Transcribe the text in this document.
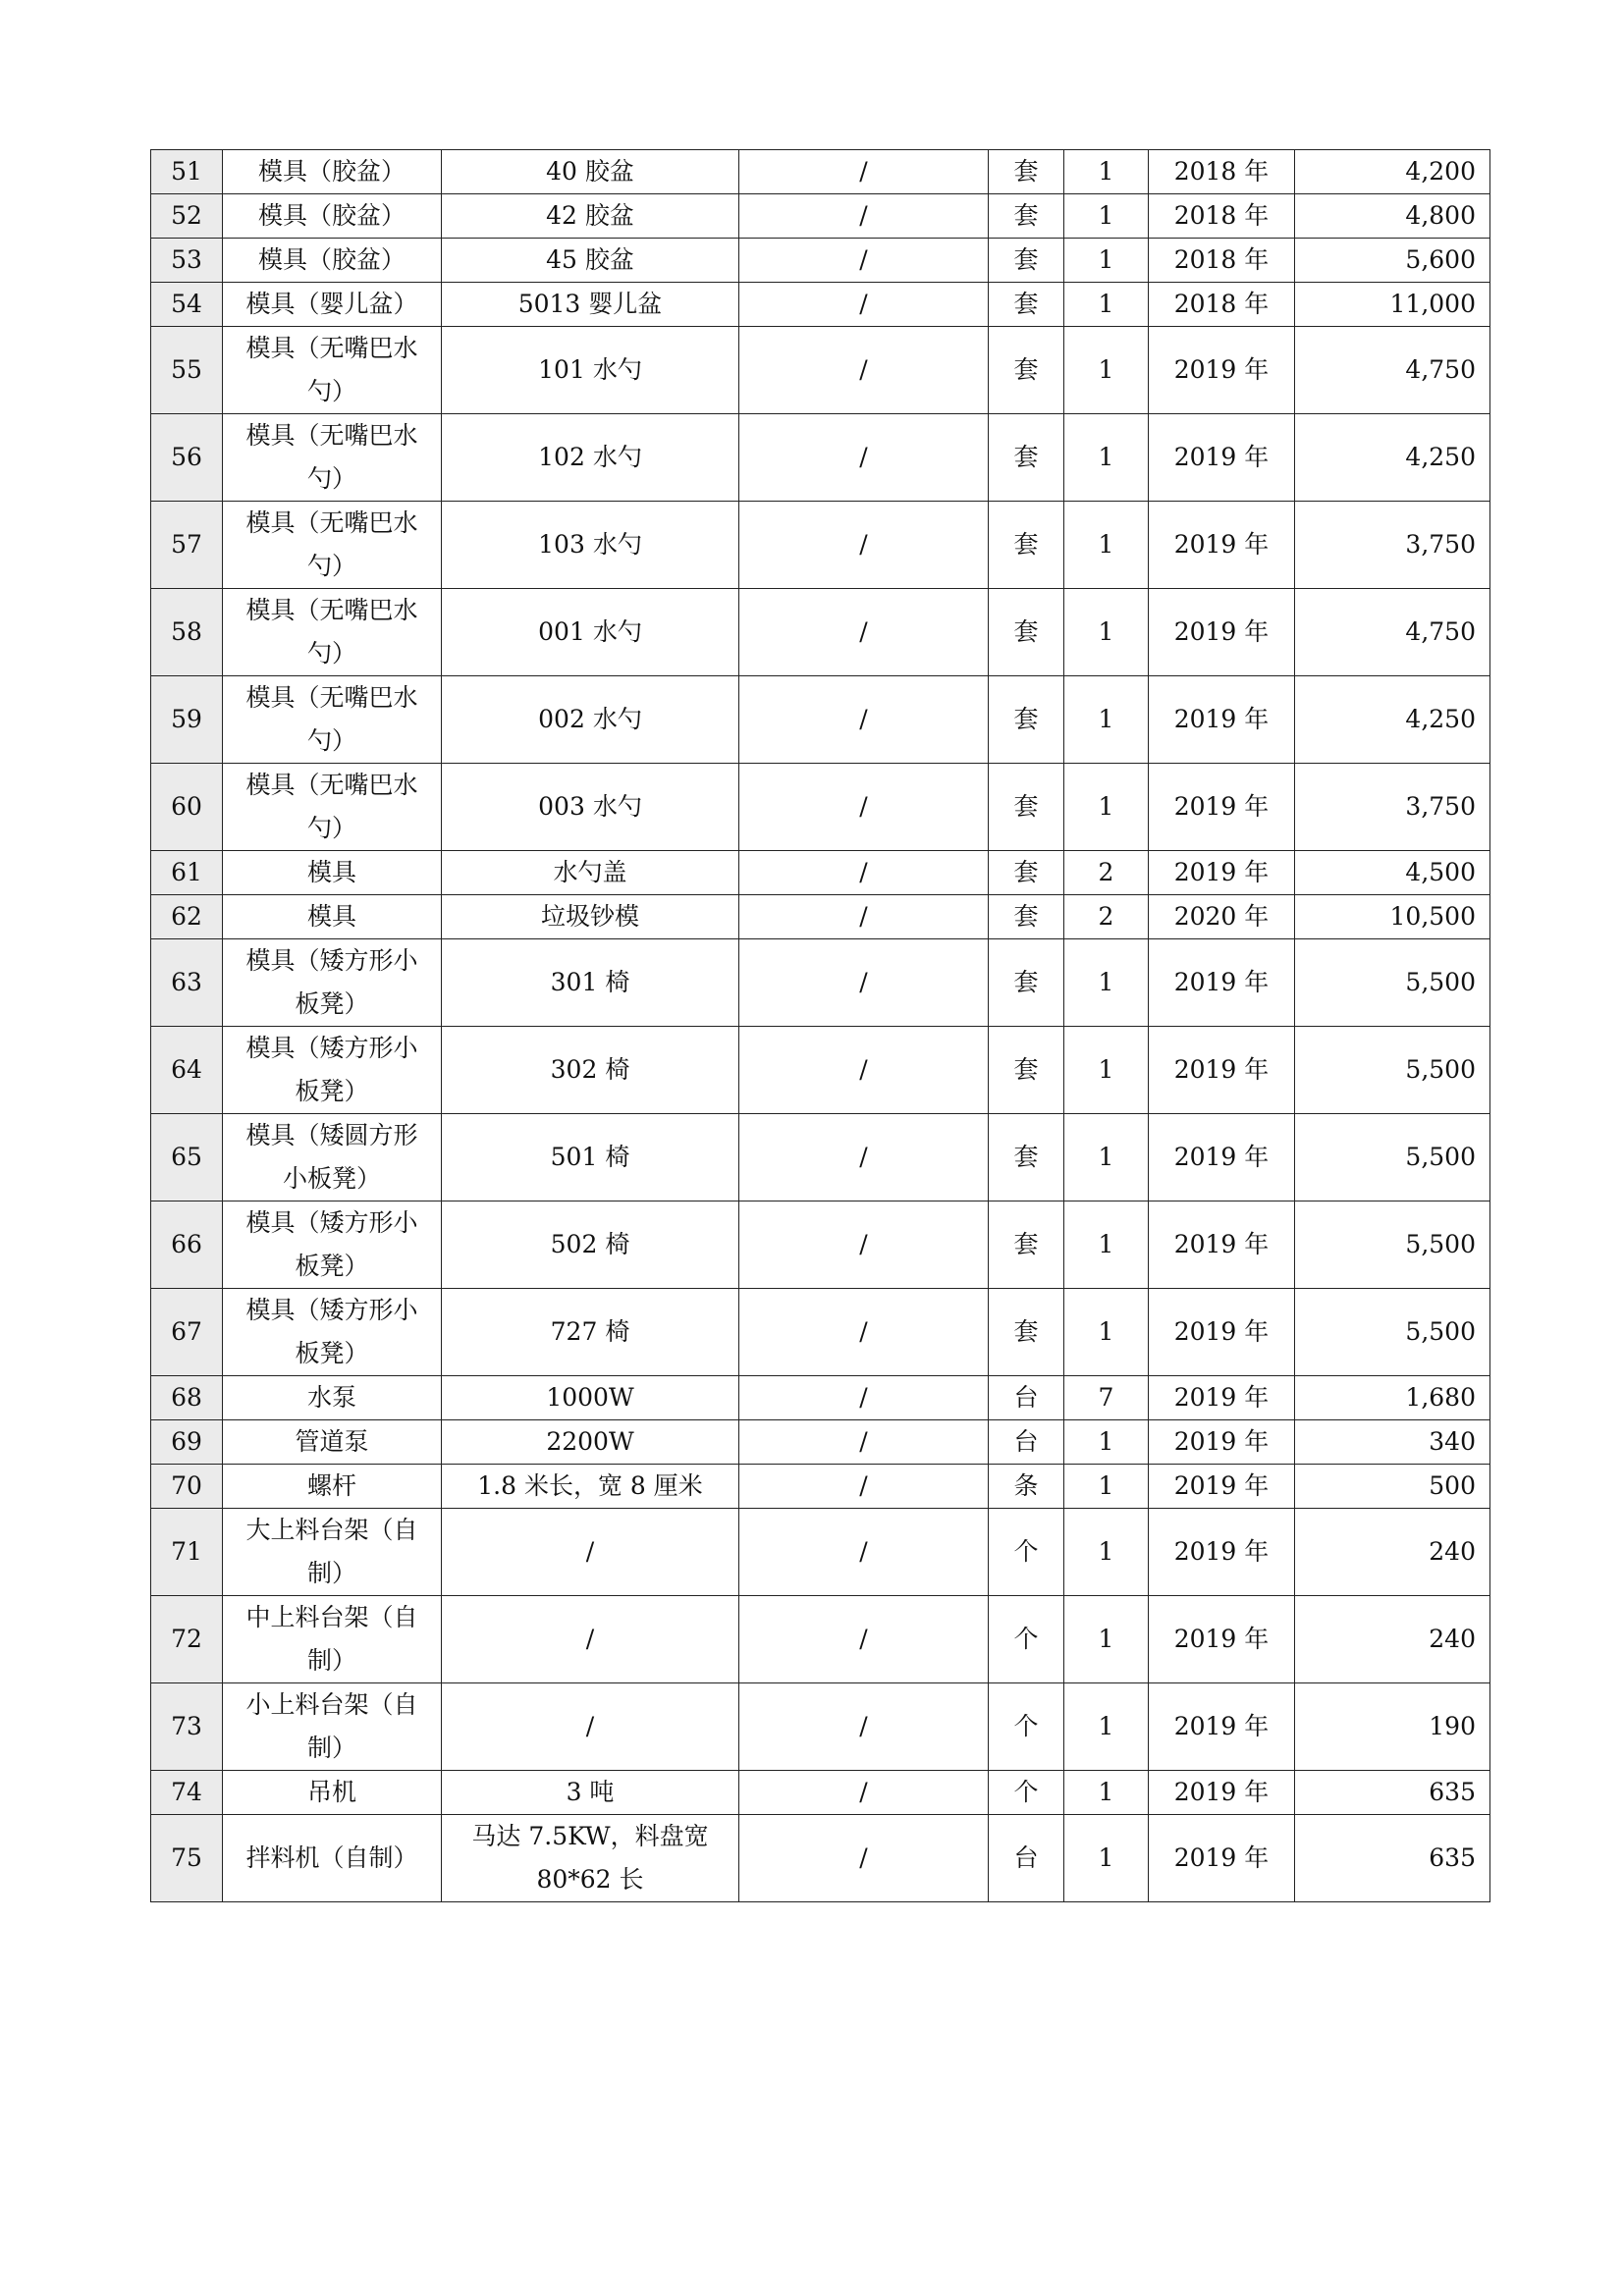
51	模具（胶盆）	40 胶盆	/	套	1	2018 年	4,200

52	模具（胶盆）	42 胶盆	/	套	1	2018 年	4,800

53	模具（胶盆）	45 胶盆	/	套	1	2018 年	5,600

54	模具（婴儿盆）	5013 婴儿盆	/	套	1	2018 年	11,000

55	模具（无嘴巴水勺）	101 水勺	/	套	1	2019 年	4,750

56	模具（无嘴巴水勺）	102 水勺	/	套	1	2019 年	4,250

57	模具（无嘴巴水勺）	103 水勺	/	套	1	2019 年	3,750

58	模具（无嘴巴水勺）	001 水勺	/	套	1	2019 年	4,750

59	模具（无嘴巴水勺）	002 水勺	/	套	1	2019 年	4,250

60	模具（无嘴巴水勺）	003 水勺	/	套	1	2019 年	3,750

61	模具	水勺盖	/	套	2	2019 年	4,500

62	模具	垃圾钞模	/	套	2	2020 年	10,500

63	模具（矮方形小板凳）	301 椅	/	套	1	2019 年	5,500

64	模具（矮方形小板凳）	302 椅	/	套	1	2019 年	5,500

65	模具（矮圆方形小板凳）	501 椅	/	套	1	2019 年	5,500

66	模具（矮方形小板凳）	502 椅	/	套	1	2019 年	5,500

67	模具（矮方形小板凳）	727 椅	/	套	1	2019 年	5,500

68	水泵	1000W	/	台	7	2019 年	1,680

69	管道泵	2200W	/	台	1	2019 年	340

70	螺杆	1.8 米长，宽 8 厘米	/	条	1	2019 年	500

71	大上料台架（自制）	/	/	个	1	2019 年	240

72	中上料台架（自制）	/	/	个	1	2019 年	240

73	小上料台架（自制）	/	/	个	1	2019 年	190

74	吊机	3 吨	/	个	1	2019 年	635

75	拌料机（自制）	马达 7.5KW，料盘宽 80*62 长	/	台	1	2019 年	635
